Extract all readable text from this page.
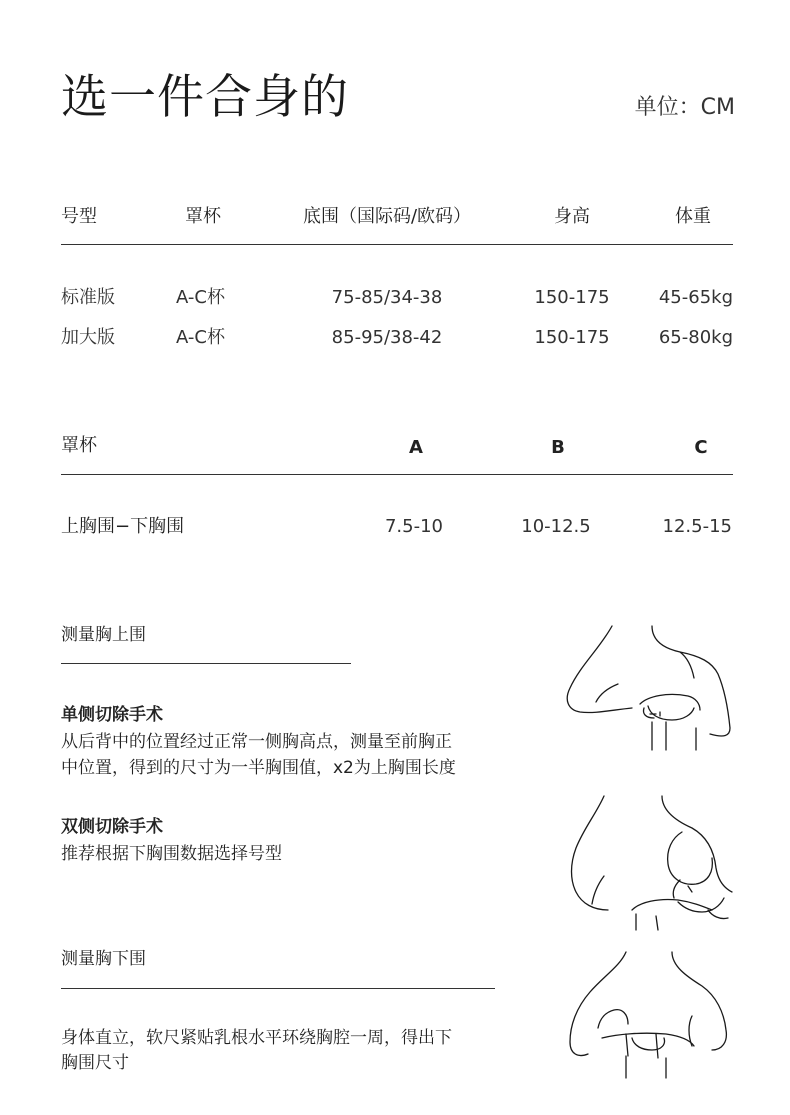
选一件合身的	单位：CM
号型	罩杯	底围（国际码/欧码）	身高	体重
标准版	A-C杯	75-85/34-38	150-175	45-65kg
加大版	A-C杯	85-95/38-42	150-175	65-80kg
罩杯	A	B	C
上胸围−下胸围	7.5-10	10-12.5	12.5-15
测量胸上围
单侧切除手术
从后背中的位置经过正常一侧胸高点，测量至前胸正
中位置，得到的尺寸为一半胸围值，x2为上胸围长度
双侧切除手术
推荐根据下胸围数据选择号型
测量胸下围
身体直立，软尺紧贴乳根水平环绕胸腔一周，得出下
胸围尺寸
